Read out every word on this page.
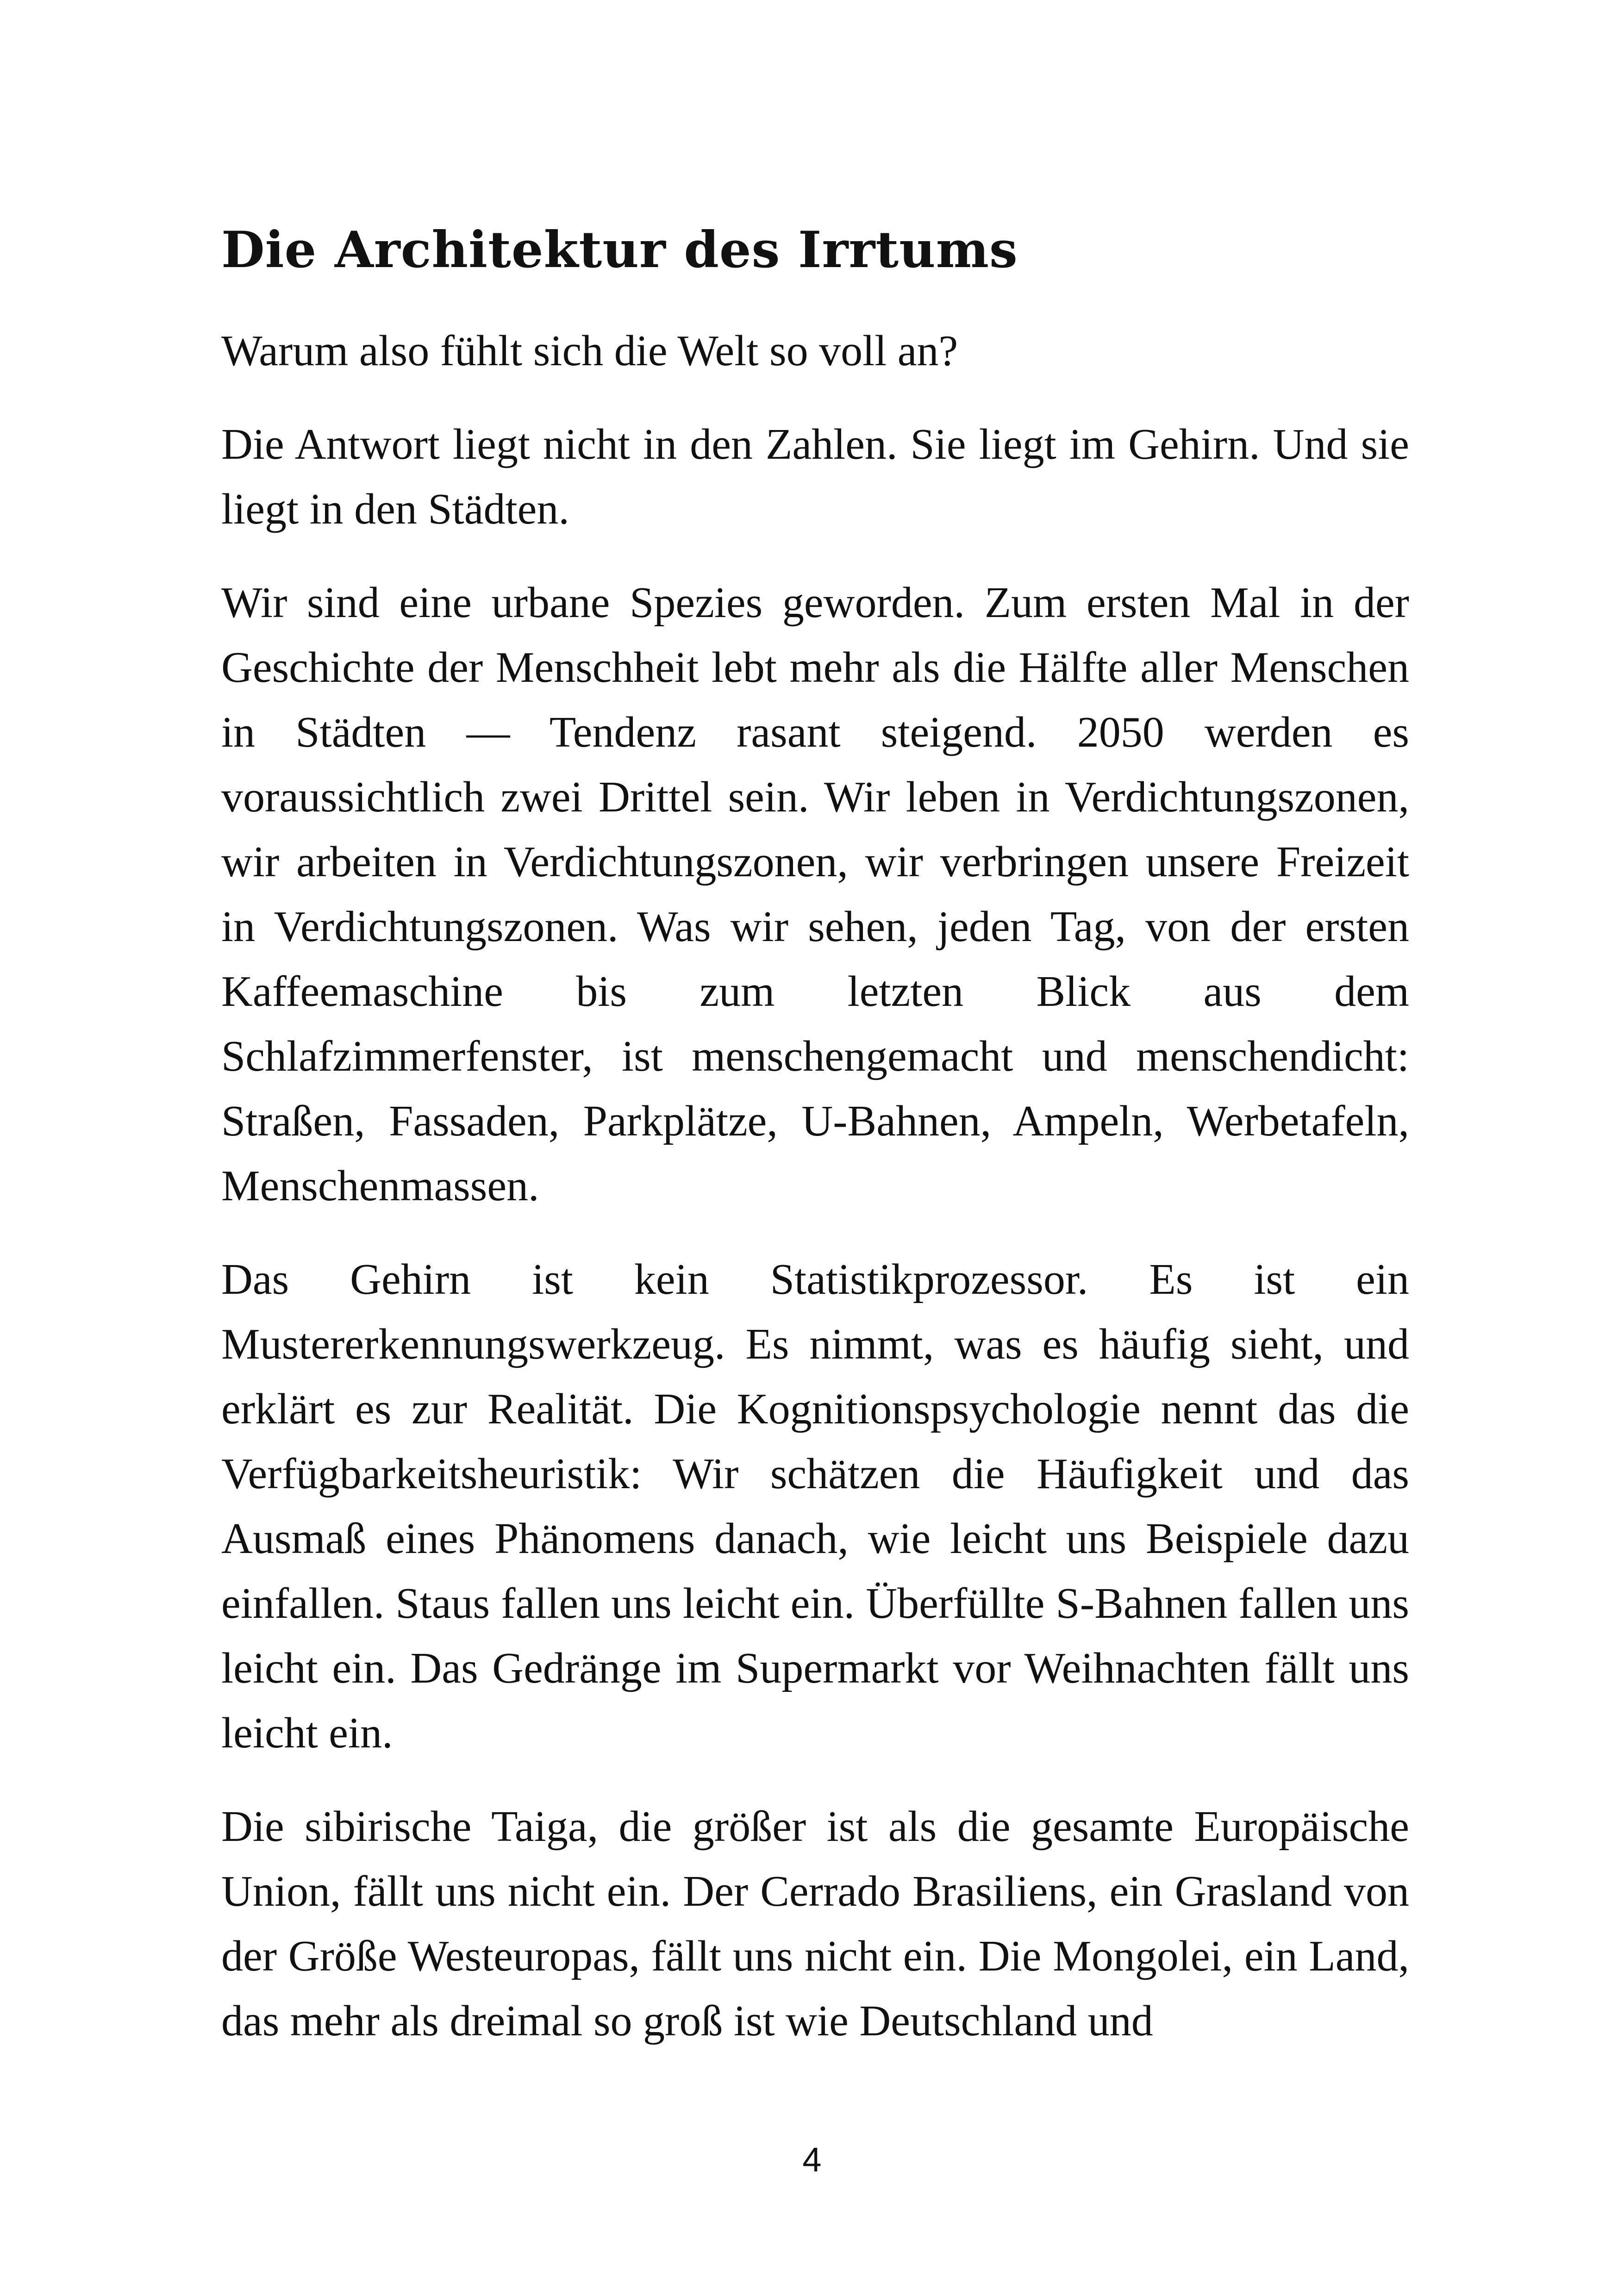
Die Architektur des Irrtums

Warum also fühlt sich die Welt so voll an?

Die Antwort liegt nicht in den Zahlen. Sie liegt im Gehirn. Und sie liegt in den Städten.

Wir sind eine urbane Spezies geworden. Zum ersten Mal in der Geschichte der Menschheit lebt mehr als die Hälfte aller Menschen in Städten — Tendenz rasant steigend. 2050 werden es voraussichtlich zwei Drittel sein. Wir leben in Verdichtungszonen, wir arbeiten in Verdichtungszonen, wir verbringen unsere Freizeit in Verdichtungszonen. Was wir sehen, jeden Tag, von der ersten Kaffeemaschine bis zum letzten Blick aus dem Schlafzimmerfenster, ist menschengemacht und menschendicht: Straßen, Fassaden, Parkplätze, U-Bahnen, Ampeln, Werbetafeln, Menschenmassen.

Das Gehirn ist kein Statistikprozessor. Es ist ein Mustererkennungswerkzeug. Es nimmt, was es häufig sieht, und erklärt es zur Realität. Die Kognitionspsychologie nennt das die Verfügbarkeitsheuristik: Wir schätzen die Häufigkeit und das Ausmaß eines Phänomens danach, wie leicht uns Beispiele dazu einfallen. Staus fallen uns leicht ein. Überfüllte S-Bahnen fallen uns leicht ein. Das Gedränge im Supermarkt vor Weihnachten fällt uns leicht ein.

Die sibirische Taiga, die größer ist als die gesamte Europäische Union, fällt uns nicht ein. Der Cerrado Brasiliens, ein Grasland von der Größe Westeuropas, fällt uns nicht ein. Die Mongolei, ein Land, das mehr als dreimal so groß ist wie Deutschland und

4
